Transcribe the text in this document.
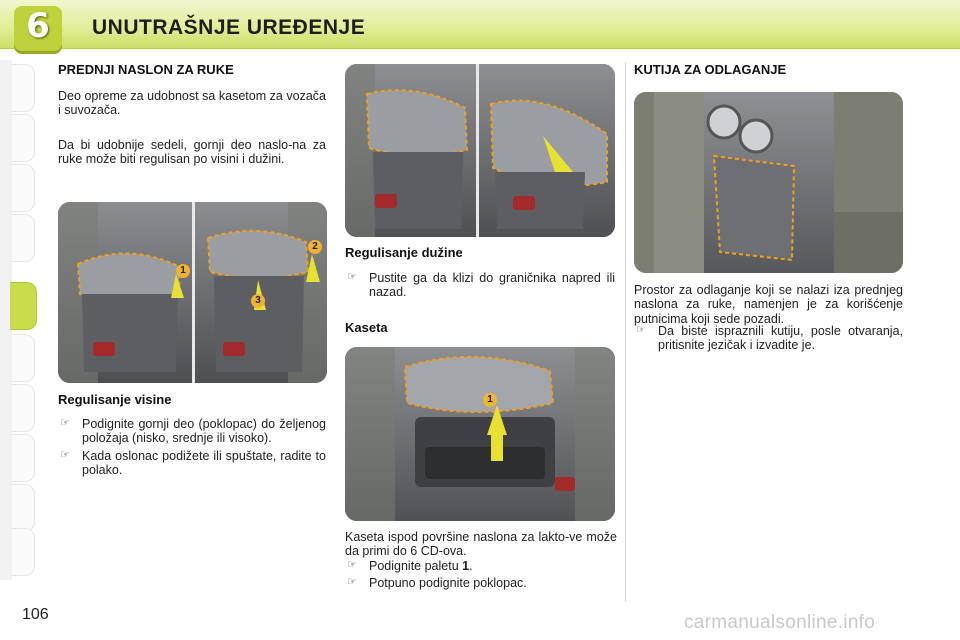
6	UNUTRAŠNJE UREĐENJE
PREDNJI NASLON ZA RUKE

Deo opreme za udobnost sa kasetom za vozača i suvozača.

Da bi udobnije sedeli, gornji deo naslo-na za ruke može biti regulisan po visini i dužini.

1
2
3
Regulisanje visine
☞ Podignite gornji deo (poklopac) do željenog položaja (nisko, srednje ili visoko).
☞ Kada oslonac podižete ili spuštate, radite to polako.
Regulisanje dužine
☞ Pustite ga da klizi do graničnika napred ili nazad.
Kaseta
1

Kaseta ispod površine naslona za lakto-ve može da primi do 6 CD-ova.

☞ Podignite paletu 1.
☞ Potpuno podignite poklopac.
KUTIJA ZA ODLAGANJE

Prostor za odlaganje koji se nalazi iza prednjeg naslona za ruke, namenjen je za korišćenje putnicima koji sede pozadi.

☞ Da biste ispraznili kutiju, posle otvaranja, pritisnite jezičak i izvadite je.
106	carmanualsonline.info
